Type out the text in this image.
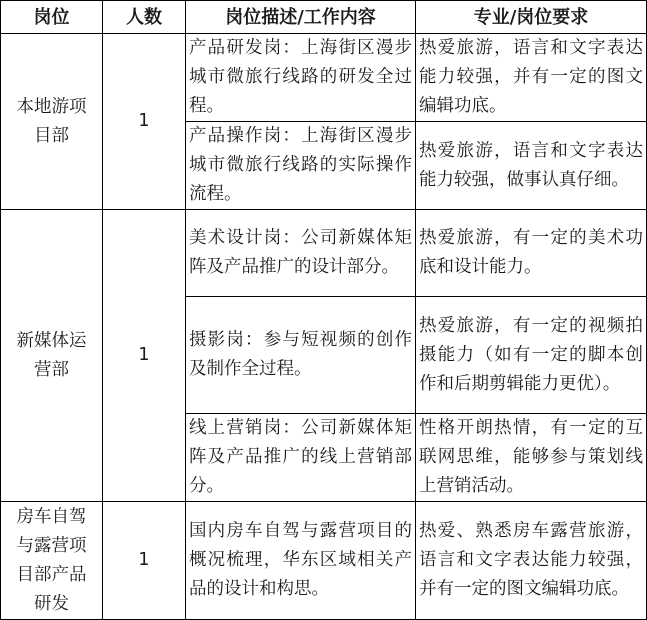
岗位	人数	岗位描述/工作内容	专业/岗位要求
本地游项目部	1	产品研发岗：上海街区漫步城市微旅行线路的研发全过程。	热爱旅游，语言和文字表达能力较强，并有一定的图文编辑功底。
		产品操作岗：上海街区漫步城市微旅行线路的实际操作流程。	热爱旅游，语言和文字表达能力较强，做事认真仔细。
新媒体运营部	1	美术设计岗：公司新媒体矩阵及产品推广的设计部分。	热爱旅游，有一定的美术功底和设计能力。
		摄影岗：参与短视频的创作及制作全过程。	热爱旅游，有一定的视频拍摄能力（如有一定的脚本创作和后期剪辑能力更优）。
		线上营销岗：公司新媒体矩阵及产品推广的线上营销部分。	性格开朗热情，有一定的互联网思维，能够参与策划线上营销活动。
房车自驾与露营项目部产品研发	1	国内房车自驾与露营项目的概况梳理，华东区域相关产品的设计和构思。	热爱、熟悉房车露营旅游，语言和文字表达能力较强，并有一定的图文编辑功底。
